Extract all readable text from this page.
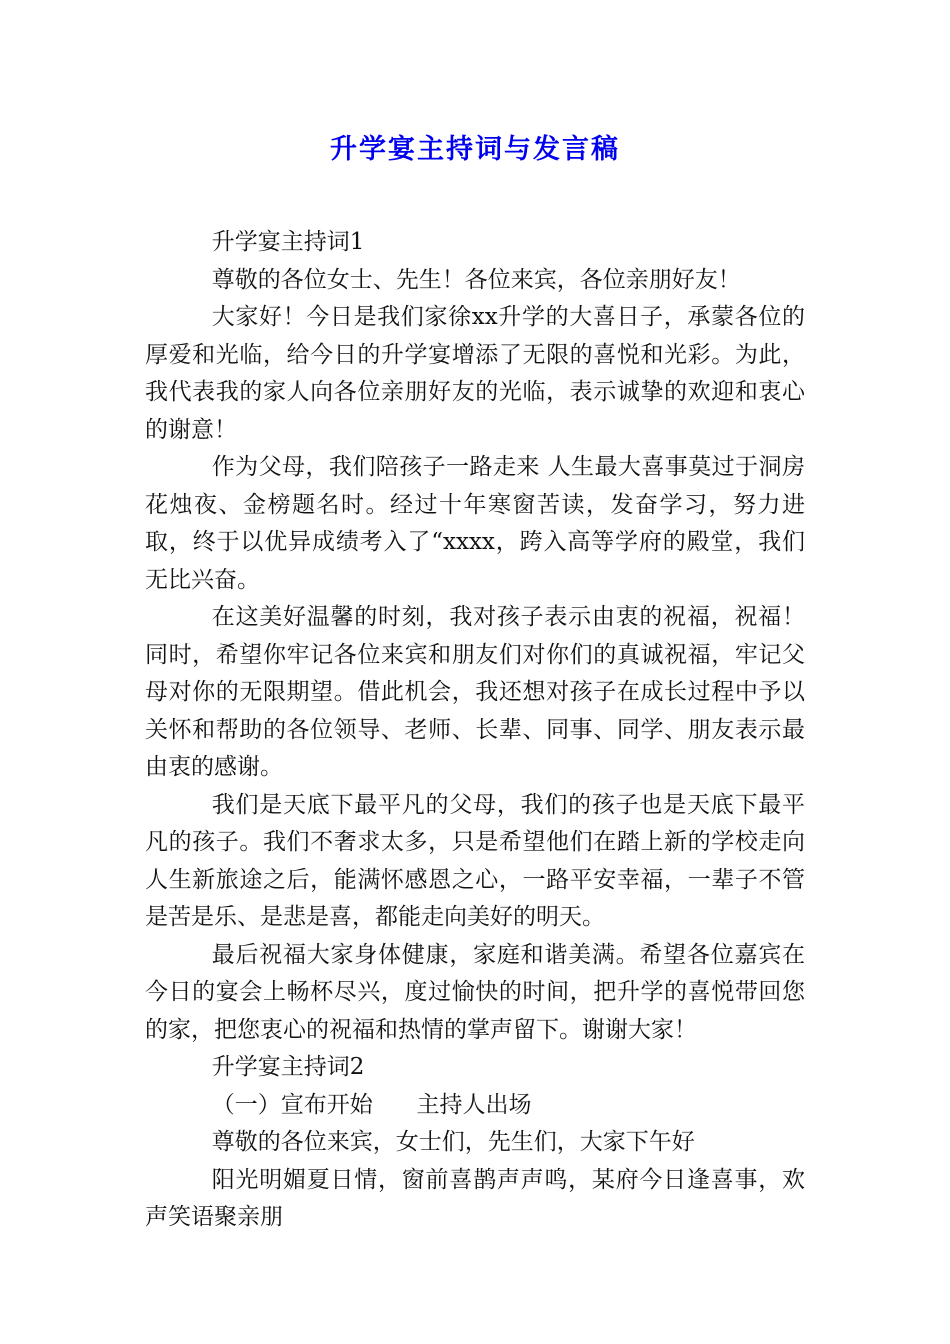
升学宴主持词与发言稿

升学宴主持词1

尊敬的各位女士、先生！各位来宾，各位亲朋好友！

大家好！今日是我们家徐xx升学的大喜日子，承蒙各位的厚爱和光临，给今日的升学宴增添了无限的喜悦和光彩。为此，我代表我的家人向各位亲朋好友的光临，表示诚挚的欢迎和衷心的谢意！

作为父母，我们陪孩子一路走来 人生最大喜事莫过于洞房花烛夜、金榜题名时。经过十年寒窗苦读，发奋学习，努力进取，终于以优异成绩考入了“xxxx，跨入高等学府的殿堂，我们无比兴奋。

在这美好温馨的时刻，我对孩子表示由衷的祝福，祝福！同时，希望你牢记各位来宾和朋友们对你们的真诚祝福，牢记父母对你的无限期望。借此机会，我还想对孩子在成长过程中予以关怀和帮助的各位领导、老师、长辈、同事、同学、朋友表示最由衷的感谢。

我们是天底下最平凡的父母，我们的孩子也是天底下最平凡的孩子。我们不奢求太多，只是希望他们在踏上新的学校走向人生新旅途之后，能满怀感恩之心，一路平安幸福，一辈子不管是苦是乐、是悲是喜，都能走向美好的明天。

最后祝福大家身体健康，家庭和谐美满。希望各位嘉宾在今日的宴会上畅杯尽兴，度过愉快的时间，把升学的喜悦带回您的家，把您衷心的祝福和热情的掌声留下。谢谢大家！

升学宴主持词2

（一）宣布开始      主持人出场

尊敬的各位来宾，女士们，先生们，大家下午好

阳光明媚夏日情，窗前喜鹊声声鸣，某府今日逢喜事，欢声笑语聚亲朋
